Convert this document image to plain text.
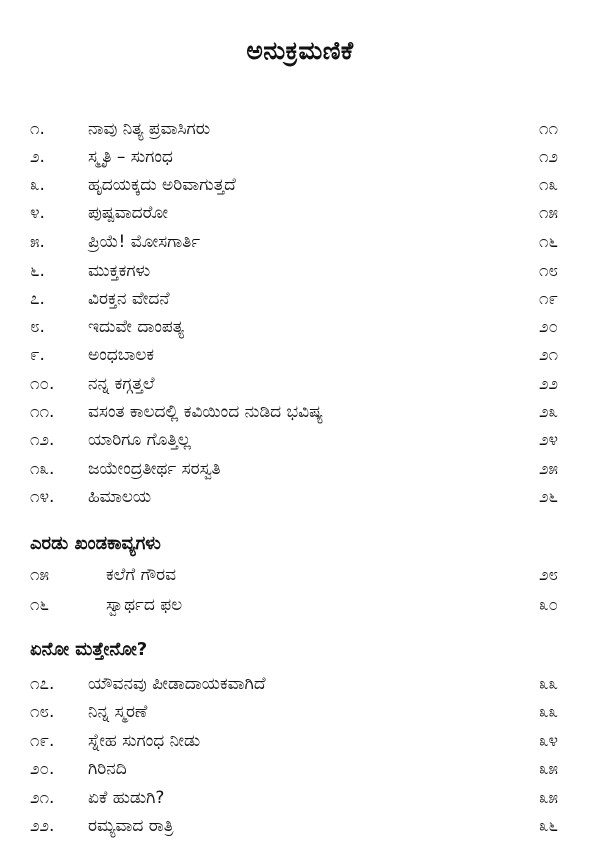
ಅನುಕ್ರಮಣಿಕೆ
೧.	ನಾವು ನಿತ್ಯ ಪ್ರವಾಸಿಗರು	೧೧
೨.	ಸ್ಮೃತಿ – ಸುಗಂಧ	೧೨
೩.	ಹೃದಯಕ್ಕದು ಅರಿವಾಗುತ್ತದೆ	೧೩
೪.	ಪುಷ್ಪವಾದರೋ	೧೫
೫.	ಪ್ರಿಯೆ! ಮೋಸಗಾರ್ತಿ	೧೬
೬.	ಮುಕ್ತಕಗಳು	೧೮
೭.	ವಿರಕ್ತನ ವೇದನೆ	೧೯
೮.	ಇದುವೇ ದಾಂಪತ್ಯ	೨೦
೯.	ಅಂಧಬಾಲಕ	೨೧
೧೦. ನನ್ನ ಕಗ್ಗತ್ತಲೆ	೨೨
೧೧. ವಸಂತ ಕಾಲದಲ್ಲಿ ಕವಿಯಿಂದ ನುಡಿದ ಭವಿಷ್ಯ	೨೩
೧೨. ಯಾರಿಗೂ ಗೊತ್ತಿಲ್ಲ	೨೪
೧೩. ಜಯೇಂದ್ರತೀರ್ಥ ಸರಸ್ವತಿ	೨೫
೧೪. ಹಿಮಾಲಯ	೨೬
ಎರಡು ಖಂಡಕಾವ್ಯಗಳು
೧೫	ಕಲೆಗೆ ಗೌರವ	೨೮
೧೬	ಸ್ವಾರ್ಥದ ಫಲ	೩೦
ಏನೋ ಮತ್ತೇನೋ?
೧೭. ಯೌವನವು ಪೀಡಾದಾಯಕವಾಗಿದೆ	೩೩
೧೮. ನಿನ್ನ ಸ್ಮರಣೆ	೩೩
೧೯. ಸ್ನೇಹ ಸುಗಂಧ ನೀಡು	೩೪
೨೦. ಗಿರಿನದಿ	೩೫
೨೧. ಏಕೆ ಹುಡುಗಿ?	೩೫
೨೨. ರಮ್ಯವಾದ ರಾತ್ರಿ	೩೬
